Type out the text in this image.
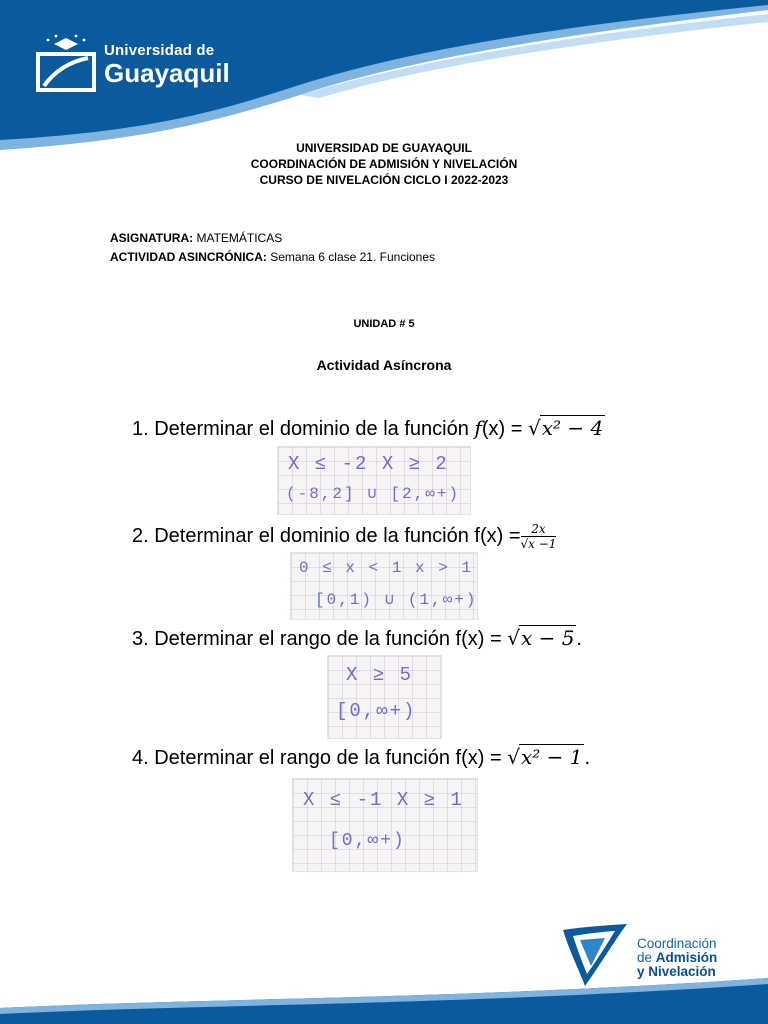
Universidad de
Guayaquil
UNIVERSIDAD DE GUAYAQUIL
COORDINACIÓN DE ADMISIÓN Y NIVELACIÓN
CURSO DE NIVELACIÓN CICLO I 2022-2023
ASIGNATURA: MATEMÁTICAS
ACTIVIDAD ASINCRÓNICA: Semana 6 clase 21. Funciones
UNIDAD # 5
Actividad Asíncrona
1. Determinar el dominio de la función f(x) = √x² − 4
X ≤ -2 X ≥ 2
(-8,2] ∪ [2,∞+)
2. Determinar el dominio de la función $f(x) = \frac{2x}{√x -1}$
0 ≤ x < 1 x > 1
[0,1) ∪ (1,∞+)
3. Determinar el rango de la función f(x) = √x − 5 .
X ≥ 5
[0,∞+)
4. Determinar el rango de la función f(x) = √x² − 1 .
X ≤ -1 X ≥ 1
[0,∞+)
Coordinación
de Admisión
y Nivelación
